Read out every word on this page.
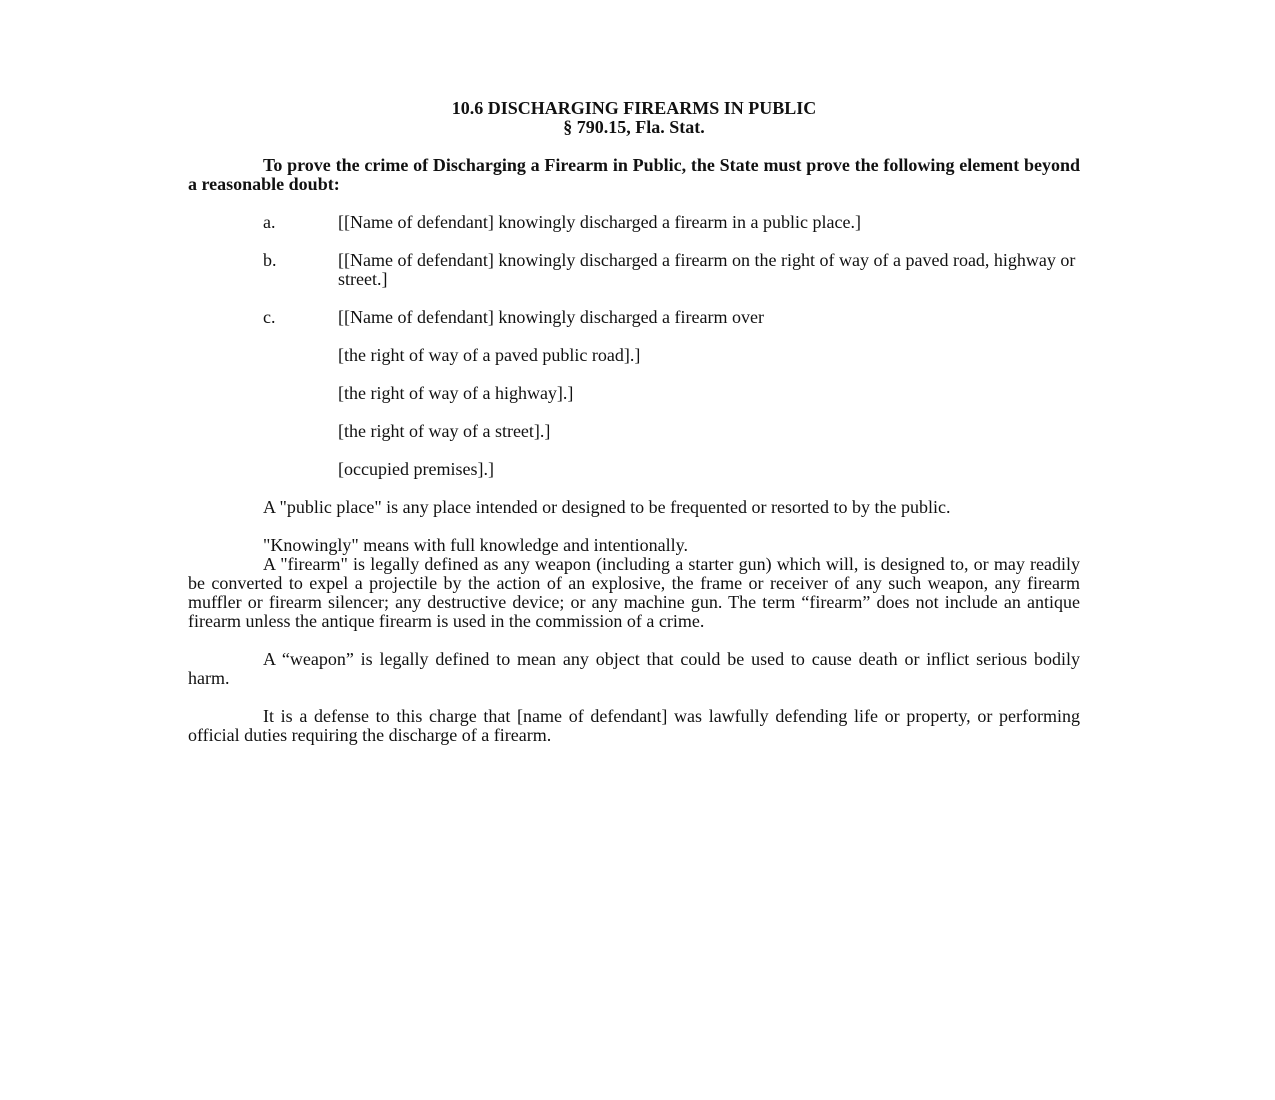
10.6 DISCHARGING FIREARMS IN PUBLIC
§ 790.15, Fla. Stat.

To prove the crime of Discharging a Firearm in Public, the State must prove the following element beyond a reasonable doubt:

a.	[[Name of defendant] knowingly discharged a firearm in a public place.]
b.	[[Name of defendant] knowingly discharged a firearm on the right of way of a paved road, highway or street.]
c.	[[Name of defendant] knowingly discharged a firearm over
[the right of way of a paved public road].]
[the right of way of a highway].]
[the right of way of a street].]
[occupied premises].]

A "public place" is any place intended or designed to be frequented or resorted to by the public.

"Knowingly" means with full knowledge and intentionally.

A "firearm" is legally defined as any weapon (including a starter gun) which will, is designed to, or may readily be converted to expel a projectile by the action of an explosive, the frame or receiver of any such weapon, any firearm muffler or firearm silencer; any destructive device; or any machine gun. The term “firearm” does not include an antique firearm unless the antique firearm is used in the commission of a crime.

A “weapon” is legally defined to mean any object that could be used to cause death or inflict serious bodily harm.

It is a defense to this charge that [name of defendant] was lawfully defending life or property, or performing official duties requiring the discharge of a firearm.
